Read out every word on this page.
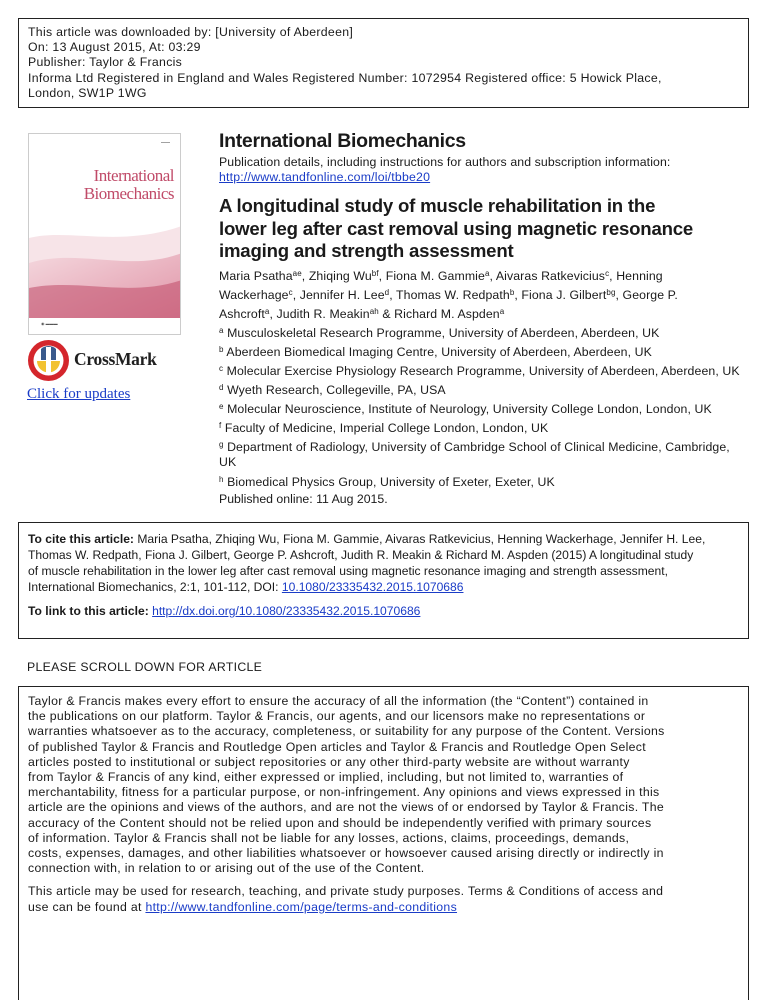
This article was downloaded by: [University of Aberdeen]
On: 13 August 2015, At: 03:29
Publisher: Taylor & Francis
Informa Ltd Registered in England and Wales Registered Number: 1072954 Registered office: 5 Howick Place,
London, SW1P 1WG
▬▬▬
International
Biomechanics
◉ ▬▬▬
CrossMark
Click for updates
International Biomechanics
Publication details, including instructions for authors and subscription information:
http://www.tandfonline.com/loi/tbbe20
A longitudinal study of muscle rehabilitation in the
lower leg after cast removal using magnetic resonance
imaging and strength assessment
Maria Psatha$^{ae}$, Zhiqing $Wu^{bf}$, Fiona M. Gammie$^a$, Aivaras Ratkevicius$^c$, Henning
Wackerhage$^c$, Jennifer H. Lee$^d$, Thomas W. Redpath$^b$, Fiona J. Gilbert$^{bg}$, George P.
Ashcroft$^a$, Judith R. Meakin$^{ah}$ & Richard M. Aspden$^a$
$^a$ Musculoskeletal Research Programme, University of Aberdeen, Aberdeen, UK
$^b$ Aberdeen Biomedical Imaging Centre, University of Aberdeen, Aberdeen, UK
$^c$ Molecular Exercise Physiology Research Programme, University of Aberdeen, Aberdeen, UK
$^d$ Wyeth Research, Collegeville, PA, USA
$^e$ Molecular Neuroscience, Institute of Neurology, University College London, London, UK
$^f$ Faculty of Medicine, Imperial College London, London, UK
$^g$ Department of Radiology, University of Cambridge School of Clinical Medicine, Cambridge, UK
$^h$ Biomedical Physics Group, University of Exeter, Exeter, UK
Published online: 11 Aug 2015.
To cite this article: Maria Psatha, Zhiqing Wu, Fiona M. Gammie, Aivaras Ratkevicius, Henning Wackerhage, Jennifer H. Lee,
Thomas W. Redpath, Fiona J. Gilbert, George P. Ashcroft, Judith R. Meakin & Richard M. Aspden (2015) A longitudinal study
of muscle rehabilitation in the lower leg after cast removal using magnetic resonance imaging and strength assessment,
International Biomechanics, 2:1, 101-112, DOI: 10.1080/23335432.2015.1070686
To link to this article: http://dx.doi.org/10.1080/23335432.2015.1070686
PLEASE SCROLL DOWN FOR ARTICLE
Taylor & Francis makes every effort to ensure the accuracy of all the information (the “Content”) contained in
the publications on our platform. Taylor & Francis, our agents, and our licensors make no representations or
warranties whatsoever as to the accuracy, completeness, or suitability for any purpose of the Content. Versions
of published Taylor & Francis and Routledge Open articles and Taylor & Francis and Routledge Open Select
articles posted to institutional or subject repositories or any other third-party website are without warranty
from Taylor & Francis of any kind, either expressed or implied, including, but not limited to, warranties of
merchantability, fitness for a particular purpose, or non-infringement. Any opinions and views expressed in this
article are the opinions and views of the authors, and are not the views of or endorsed by Taylor & Francis. The
accuracy of the Content should not be relied upon and should be independently verified with primary sources
of information. Taylor & Francis shall not be liable for any losses, actions, claims, proceedings, demands,
costs, expenses, damages, and other liabilities whatsoever or howsoever caused arising directly or indirectly in
connection with, in relation to or arising out of the use of the Content.
This article may be used for research, teaching, and private study purposes. Terms & Conditions of access and
use can be found at http://www.tandfonline.com/page/terms-and-conditions
